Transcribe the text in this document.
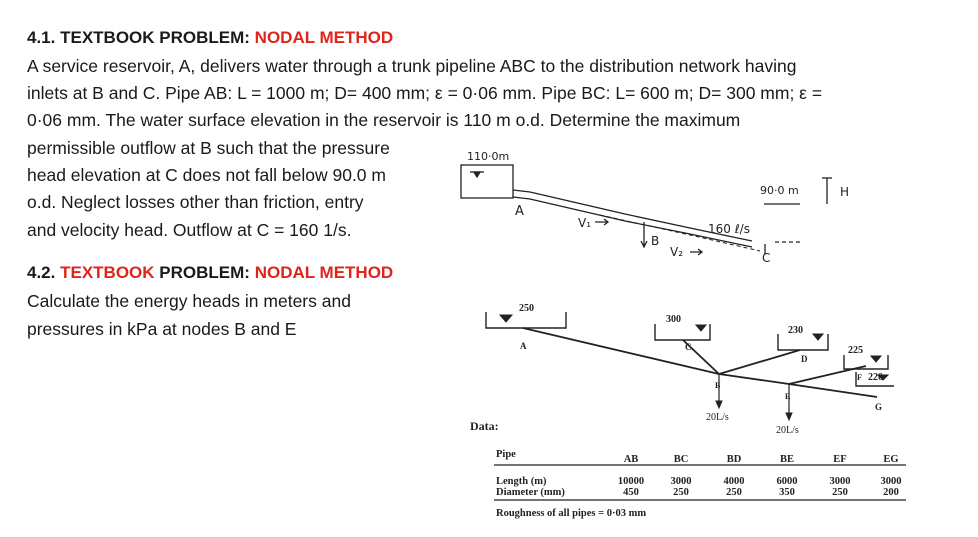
4.1. TEXTBOOK PROBLEM: NODAL METHOD
A service reservoir, A, delivers water through a trunk pipeline ABC to the distribution network having
inlets at B and C. Pipe AB: L = 1000 m; D= 400 mm; ε = 0·06 mm. Pipe BC: L= 600 m; D= 300 mm; ε =
0·06 mm. The water surface elevation in the reservoir is 110 m o.d. Determine the maximum
permissible outflow at B such that the pressure
head elevation at C does not fall below 90.0 m
o.d. Neglect losses other than friction, entry
and velocity head. Outflow at C = 160 1/s.
4.2. TEXTBOOK PROBLEM: NODAL METHOD
Calculate the energy heads in meters and
pressures in kPa at nodes B and E
110·0m
A
V₁
B
V₂
160 ℓ/s
90·0 m	H
C
250
A
300
C
B
230
D
E
225
F 220
G
20L/s
20L/s
Data:
Pipe
Length (m)
Diameter (mm)
AB
10000
450
BC
3000
250
BD
4000
250
BE
6000
350
EF
3000
250
EG
3000
200
Roughness of all pipes = 0·03 mm
